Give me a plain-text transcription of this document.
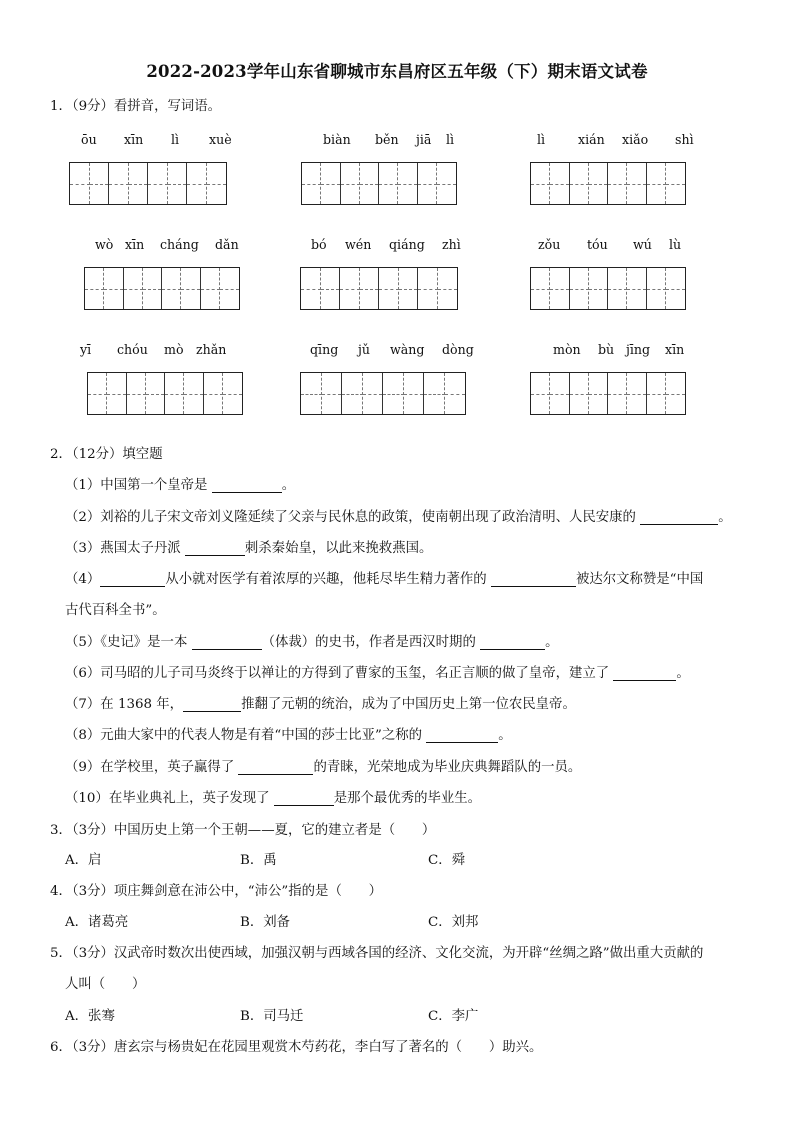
2022-2023学年山东省聊城市东昌府区五年级（下）期末语文试卷
1．（9分）看拼音，写词语。
ōu xīn lì xuè	biàn běn jiā lì	lì	xián xiǎo shì
wò xīn cháng dǎn	bó wén qiáng zhì	zǒu tóu wú lù
yī chóu mò zhǎn	qīng jǔ wàng dòng	mòn bù jīng xīn
2．（12分）填空题
（1）中国第一个皇帝是	。
（2）刘裕的儿子宋文帝刘义隆延续了父亲与民休息的政策，使南朝出现了政治清明、人民安康的	。
（3）燕国太子丹派	刺杀秦始皇，以此来挽救燕国。
（4）	从小就对医学有着浓厚的兴趣，他耗尽毕生精力著作的	被达尔文称赞是“中国
古代百科全书”。
（5）《史记》是一本	（体裁）的史书，作者是西汉时期的	。
（6）司马昭的儿子司马炎终于以禅让的方得到了曹家的玉玺，名正言顺的做了皇帝，建立了	。
（7）在 1368 年，	推翻了元朝的统治，成为了中国历史上第一位农民皇帝。
（8）元曲大家中的代表人物是有着“中国的莎士比亚”之称的	。
（9）在学校里，英子赢得了	的青睐，光荣地成为毕业庆典舞蹈队的一员。
（10）在毕业典礼上，英子发现了	是那个最优秀的毕业生。
3．（3分）中国历史上第一个王朝——夏，它的建立者是（　　）
A．启	B．禹	C．舜
4．（3分）项庄舞剑意在沛公中，“沛公”指的是（　　）
A．诸葛亮	B．刘备	C．刘邦
5．（3分）汉武帝时数次出使西域，加强汉朝与西域各国的经济、文化交流，为开辟“丝绸之路”做出重大贡献的
人叫（　　）
A．张骞	B．司马迁	C．李广
6．（3分）唐玄宗与杨贵妃在花园里观赏木芍药花，李白写了著名的（　　）助兴。
